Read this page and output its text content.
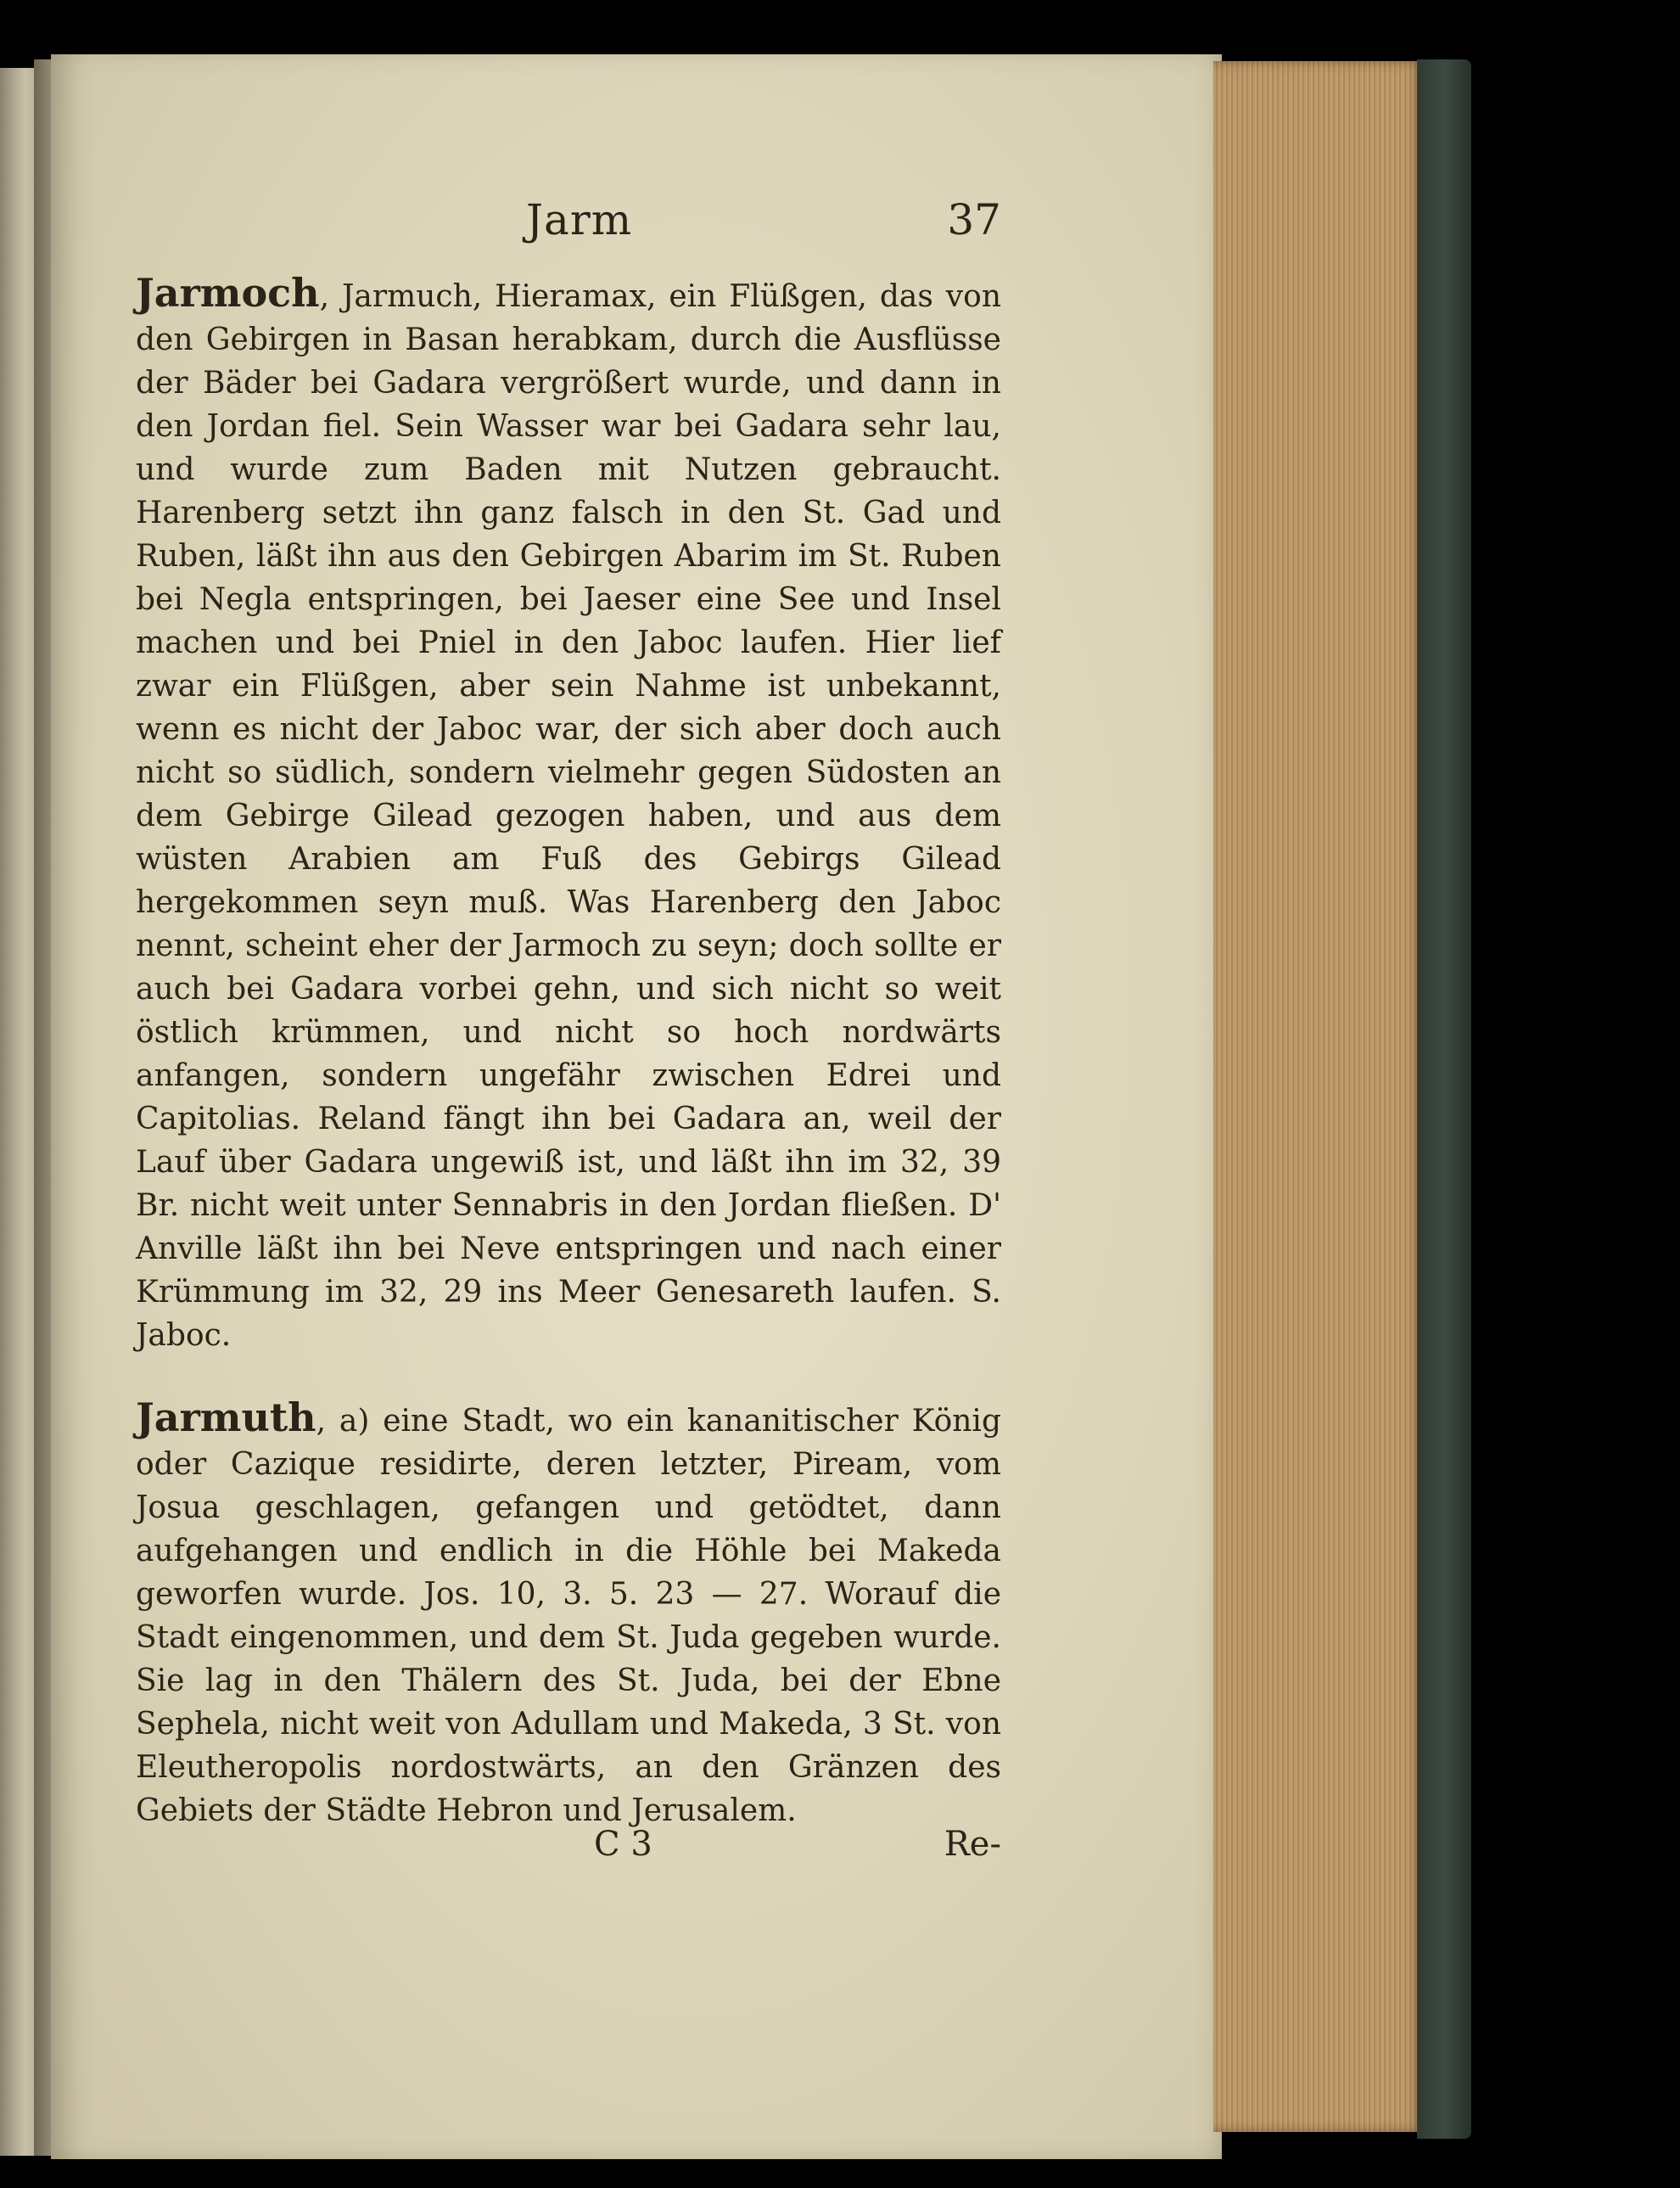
Jarm	37
Jarmoch, Jarmuch, Hieramax, ein Flüßgen, das von den Gebirgen in Basan herabkam, durch die Ausflüsse der Bäder bei Gadara vergrößert wurde, und dann in den Jordan fiel. Sein Wasser war bei Gadara sehr lau, und wurde zum Baden mit Nutzen gebraucht. Harenberg setzt ihn ganz falsch in den St. Gad und Ruben, läßt ihn aus den Gebirgen Abarim im St. Ruben bei Negla entspringen, bei Jaeser eine See und Insel machen und bei Pniel in den Jaboc laufen. Hier lief zwar ein Flüßgen, aber sein Nahme ist unbekannt, wenn es nicht der Jaboc war, der sich aber doch auch nicht so südlich, sondern vielmehr gegen Südosten an dem Gebirge Gilead gezogen haben, und aus dem wüsten Arabien am Fuß des Gebirgs Gilead hergekommen seyn muß. Was Harenberg den Jaboc nennt, scheint eher der Jarmoch zu seyn; doch sollte er auch bei Gadara vorbei gehn, und sich nicht so weit östlich krümmen, und nicht so hoch nordwärts anfangen, sondern ungefähr zwischen Edrei und Capitolias. Reland fängt ihn bei Gadara an, weil der Lauf über Gadara ungewiß ist, und läßt ihn im 32, 39 Br. nicht weit unter Sennabris in den Jordan fließen. D' Anville läßt ihn bei Neve entspringen und nach einer Krümmung im 32, 29 ins Meer Genesareth laufen. S. Jaboc.
Jarmuth, a) eine Stadt, wo ein kananitischer König oder Cazique residirte, deren letzter, Piream, vom Josua geschlagen, gefangen und getödtet, dann aufgehangen und endlich in die Höhle bei Makeda geworfen wurde. Jos. 10, 3. 5. 23 — 27. Worauf die Stadt eingenommen, und dem St. Juda gegeben wurde. Sie lag in den Thälern des St. Juda, bei der Ebne Sephela, nicht weit von Adullam und Makeda, 3 St. von Eleutheropolis nordostwärts, an den Gränzen des Gebiets der Städte Hebron und Jerusalem.
C 3	Re-
